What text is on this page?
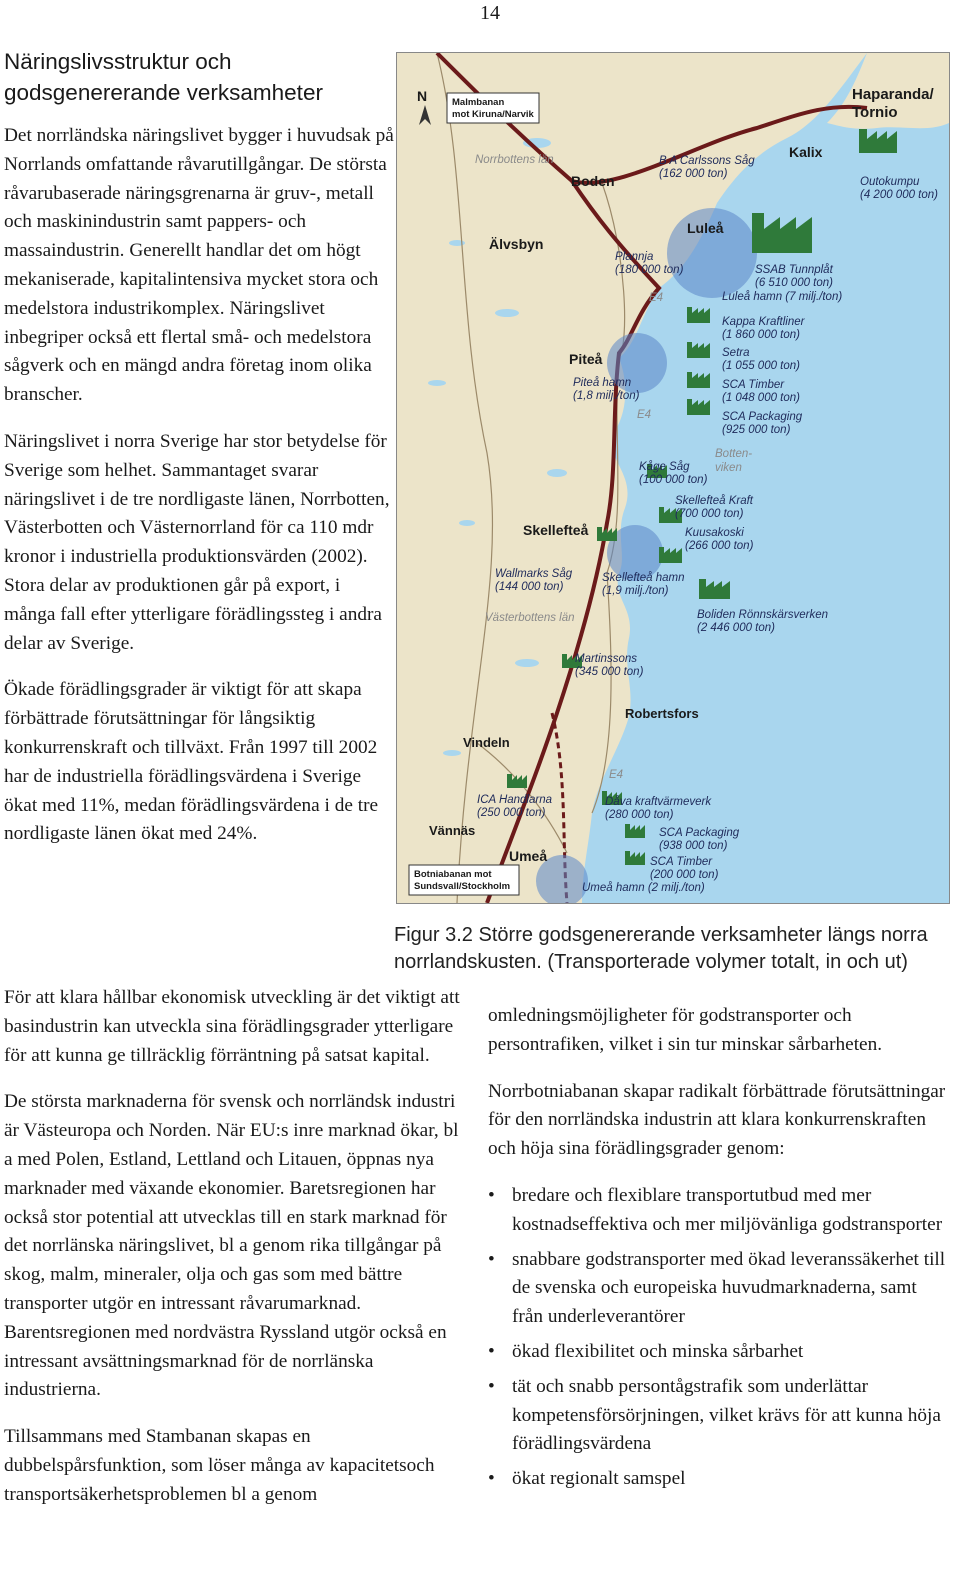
14
Näringslivsstruktur och godsgenererande verksamheter

Det norrländska näringslivet bygger i huvudsak på Norrlands omfattande råvarutillgångar. De största råvarubaserade näringsgrenarna är gruv-, metall och maskinindustrin samt pappers- och massaindustrin. Generellt handlar det om högt mekaniserade, kapitalintensiva mycket stora och medelstora industrikomplex. Näringslivet inbegriper också ett flertal små- och medelstora sågverk och en mängd andra företag inom olika branscher.

Näringslivet i norra Sverige har stor betydelse för Sverige som helhet. Sammantaget svarar näringslivet i de tre nordligaste länen, Norrbotten, Västerbotten och Västernorrland för ca 110 mdr kronor i industriella produktionsvärden (2002). Stora delar av produktionen går på export, i många fall efter ytterligare förädlingssteg i andra delar av Sverige.

Ökade förädlingsgrader är viktigt för att skapa förbättrade förutsättningar för långsiktig konkurrenskraft och tillväxt. Från 1997 till 2002 har de industriella förädlingsvärdena i Sverige ökat med 11%, medan förädlingsvärdena i de tre nordligaste länen ökat med 24%.

N	Malmbanan
mot Kiruna/Narvik
Botniabanan mot
Sundsvall/Stockholm
Norrbottens län
Västerbottens län
Botten-
viken
E4
E4
E4
Haparanda/
Tornio
Kalix
Boden
Luleå
Älvsbyn
Piteå
Skellefteå
Robertsfors
Vindeln
Vännäs
Umeå
Outokumpu
(4 200 000 ton)
B A Carlssons Såg
(162 000 ton)
Plannja
(180 000 ton)	SSAB Tunnplåt
(6 510 000 ton)
Luleå hamn (7 milj./ton)
Kappa Kraftliner
(1 860 000 ton)
Setra
(1 055 000 ton)
SCA Timber
(1 048 000 ton)
SCA Packaging
(925 000 ton)
Piteå hamn
(1,8 milj./ton)
Kåge Såg
(100 000 ton)
Skellefteå Kraft
(700 000 ton)
Kuusakoski
(266 000 ton)
Wallmarks Såg
(144 000 ton)
Skellefteå hamn
(1,9 milj./ton)
Boliden Rönnskärsverken
(2 446 000 ton)
Martinssons
(345 000 ton)
ICA Handlarna
(250 000 ton)
Dåva kraftvärmeverk
(280 000 ton)
SCA Packaging
(938 000 ton)
SCA Timber
(200 000 ton)
Umeå hamn (2 milj./ton)
Figur 3.2 Större godsgenererande verksamheter längs norra norrlandskusten. (Transporterade volymer totalt, in och ut)

För att klara hållbar ekonomisk utveckling är det viktigt att basindustrin kan utveckla sina förädlingsgrader ytterligare för att kunna ge tillräcklig förräntning på satsat kapital.

De största marknaderna för svensk och norrländsk industri är Västeuropa och Norden. När EU:s inre marknad ökar, bl a med Polen, Estland, Lettland och Litauen, öppnas nya marknader med växande ekonomier. Baretsregionen har också stor potential att utvecklas till en stark marknad för det norrlänska näringslivet, bl a genom rika tillgångar på skog, malm, mineraler, olja och gas som med bättre transporter utgör en intressant råvarumarknad. Barentsregionen med nordvästra Ryssland utgör också en intressant avsättningsmarknad för de norrlänska industrierna.

Tillsammans med Stambanan skapas en dubbelspårsfunktion, som löser många av kapacitetsoch transportsäkerhetsproblemen bl a genom

omledningsmöjligheter för godstransporter och persontrafiken, vilket i sin tur minskar sårbarheten.

Norrbotniabanan skapar radikalt förbättrade förutsättningar för den norrländska industrin att klara konkurrenskraften och höja sina förädlingsgrader genom:

• bredare och flexiblare transportutbud med mer kostnadseffektiva och mer miljövänliga godstransporter
• snabbare godstransporter med ökad leveranssäkerhet till de svenska och europeiska huvudmarknaderna, samt från underleverantörer
• ökad flexibilitet och minska sårbarhet
• tät och snabb persontågstrafik som underlättar kompetensförsörjningen, vilket krävs för att kunna höja förädlingsvärdena
• ökat regionalt samspel
